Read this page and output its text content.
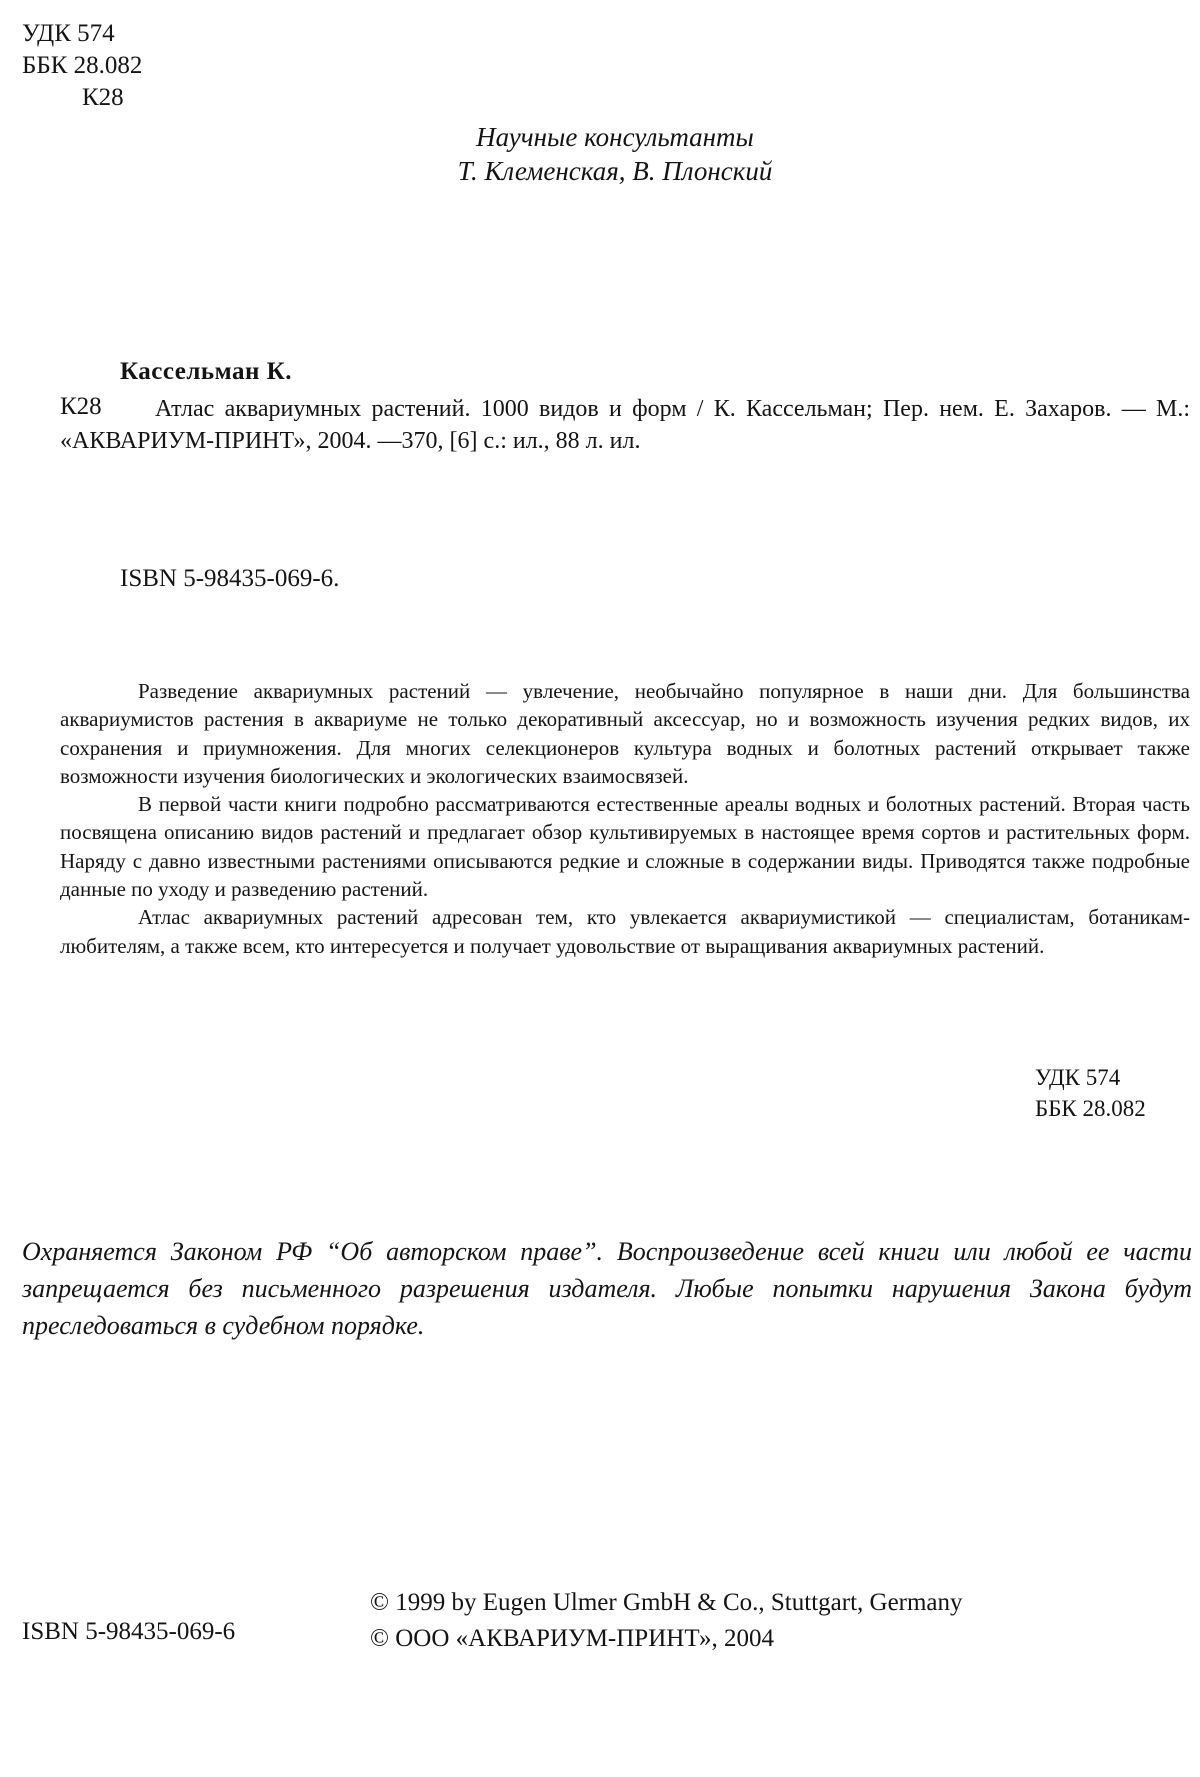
УДК 574
ББК 28.082
К28
Научные консультанты
Т. Клеменская, В. Плонский
Кассельман К.
К28	Атлас аквариумных растений. 1000 видов и форм / К. Кассельман; Пер. нем. Е. Захаров. — М.: «АКВАРИУМ-ПРИНТ», 2004. —370, [6] с.: ил., 88 л. ил.
ISBN 5-98435-069-6.

Разведение аквариумных растений — увлечение, необычайно популярное в наши дни. Для большинства аквариумистов растения в аквариуме не только декоративный аксессуар, но и возможность изучения редких видов, их сохранения и приумножения. Для многих селекционеров культура водных и болотных растений открывает также возможности изучения биологических и экологических взаимосвязей.

В первой части книги подробно рассматриваются естественные ареалы водных и болотных растений. Вторая часть посвящена описанию видов растений и предлагает обзор культивируемых в настоящее время сортов и растительных форм. Наряду с давно известными растениями описываются редкие и сложные в содержании виды. Приводятся также подробные данные по уходу и разведению растений.

Атлас аквариумных растений адресован тем, кто увлекается аквариумистикой — специалистам, ботаникам-любителям, а также всем, кто интересуется и получает удовольствие от выращивания аквариумных растений.

УДК 574
ББК 28.082
Охраняется Законом РФ “Об авторском праве”. Воспроизведение всей книги или любой ее части запрещается без письменного разрешения издателя. Любые попытки нарушения Закона будут преследоваться в судебном порядке.
ISBN 5-98435-069-6
© 1999 by Eugen Ulmer GmbH & Co., Stuttgart, Germany
© ООО «АКВАРИУМ-ПРИНТ», 2004
